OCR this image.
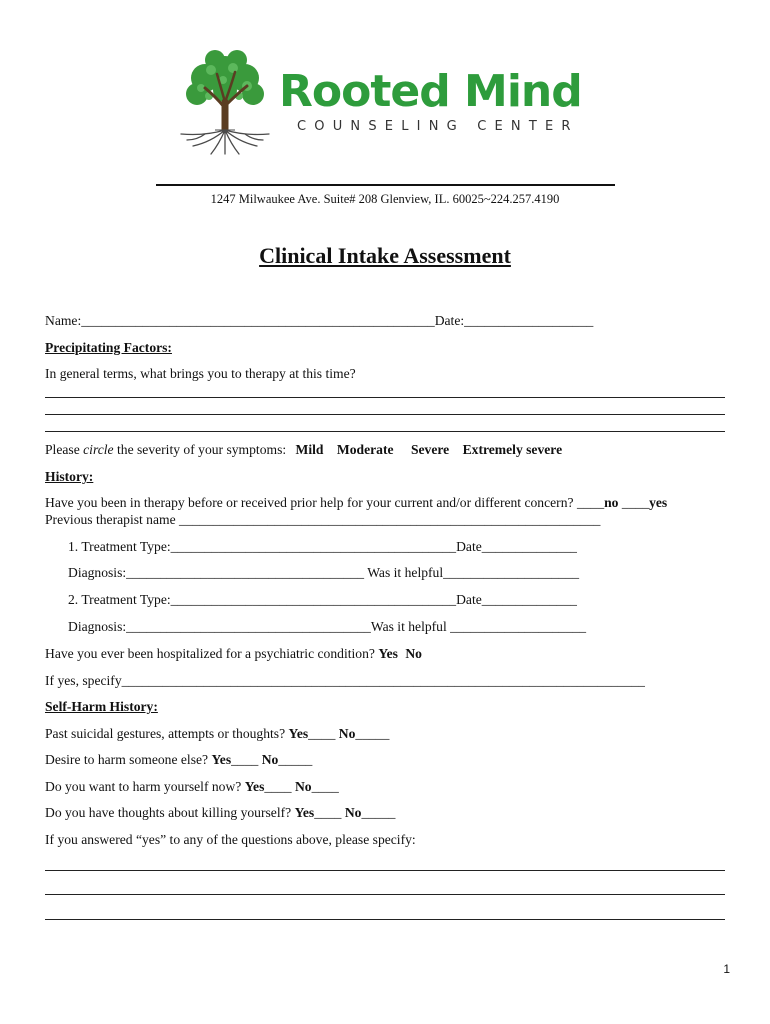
Rooted Mind
COUNSELING CENTER
1247 Milwaukee Ave. Suite# 208 Glenview, IL. 60025~224.257.4190
Clinical Intake Assessment
Name:____________________________________________________Date:___________________
Precipitating Factors:
In general terms, what brings you to therapy at this time?
Please circle the severity of your symptoms: Mild Moderate Severe Extremely severe
History:
Have you been in therapy before or received prior help for your current and/or different concern? ____no ____yes
Previous therapist name ______________________________________________________________
1. Treatment Type:__________________________________________Date______________
Diagnosis:___________________________________ Was it helpful____________________
2. Treatment Type:__________________________________________Date______________
Diagnosis:____________________________________Was it helpful ____________________
Have you ever been hospitalized for a psychiatric condition? Yes No
If yes, specify_____________________________________________________________________________
Self-Harm History:
Past suicidal gestures, attempts or thoughts? Yes____ No_____
Desire to harm someone else? Yes____ No_____
Do you want to harm yourself now? Yes____ No____
Do you have thoughts about killing yourself? Yes____ No_____
If you answered “yes” to any of the questions above, please specify:
1
